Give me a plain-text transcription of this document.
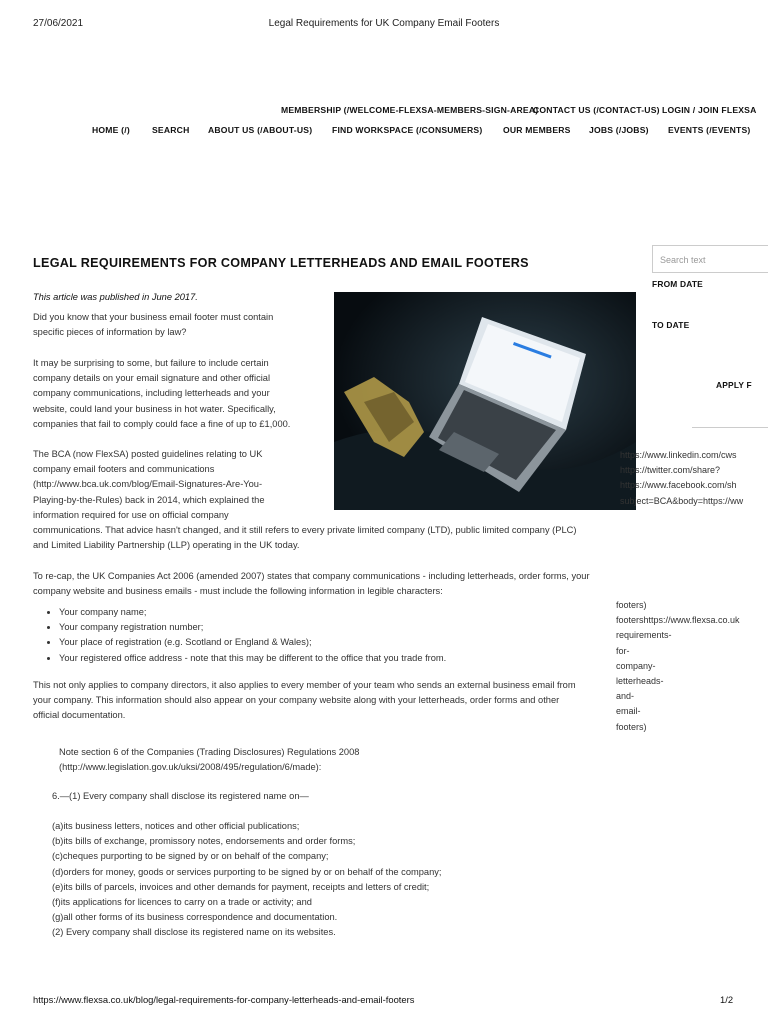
27/06/2021	Legal Requirements for UK Company Email Footers
MEMBERSHIP (/WELCOME-FLEXSA-MEMBERS-SIGN-AREA)
CONTACT US (/CONTACT-US) LOGIN / JOIN FLEXSA
HOME (/)	SEARCH ABOUT US (/ABOUT-US) FIND WORKSPACE (/CONSUMERS) OUR MEMBERS JOBS (/JOBS) EVENTS (/EVENTS)
LEGAL REQUIREMENTS FOR COMPANY LETTERHEADS AND EMAIL FOOTERS
This article was published in June 2017.

Did you know that your business email footer must contain

specific pieces of information by law?

It may be surprising to some, but failure to include certain

company details on your email signature and other official

company communications, including letterheads and your

website, could land your business in hot water. Specifically,

companies that fail to comply could face a fine of up to £1,000.

The BCA (now FlexSA) posted guidelines relating to UK

company email footers and communications

(http://www.bca.uk.com/blog/Email-Signatures-Are-You-

Playing-by-the-Rules) back in 2014, which explained the

information required for use on official company

communications. That advice hasn't changed, and it still refers to every private limited company (LTD), public limited company (PLC)

and Limited Liability Partnership (LLP) operating in the UK today.

To re-cap, the UK Companies Act 2006 (amended 2007) states that company communications - including letterheads, order forms, your

company website and business emails - must include the following information in legible characters:

• Your company name;
• Your company registration number;
• Your place of registration (e.g. Scotland or England & Wales);
• Your registered office address - note that this may be different to the office that you trade from.

This not only applies to company directors, it also applies to every member of your team who sends an external business email from

your company. This information should also appear on your company website along with your letterheads, order forms and other

official documentation.

Note section 6 of the Companies (Trading Disclosures) Regulations 2008

(http://www.legislation.gov.uk/uksi/2008/495/regulation/6/made):

6.—(1) Every company shall disclose its registered name on—

(a)its business letters, notices and other official publications;

(b)its bills of exchange, promissory notes, endorsements and order forms;

(c)cheques purporting to be signed by or on behalf of the company;

(d)orders for money, goods or services purporting to be signed by or on behalf of the company;

(e)its bills of parcels, invoices and other demands for payment, receipts and letters of credit;

(f)its applications for licences to carry on a trade or activity; and

(g)all other forms of its business correspondence and documentation.

(2) Every company shall disclose its registered name on its websites.

Search text
FROM DATE
TO DATE
APPLY F
https://www.linkedin.com/cws
https://twitter.com/share?
https://www.facebook.com/sh
subject=BCA&body=https://ww
footers)
footershttps://www.flexsa.co.uk
requirements-
for-
company-
letterheads-
and-
email-
footers)
https://www.flexsa.co.uk/blog/legal-requirements-for-company-letterheads-and-email-footers	1/2
